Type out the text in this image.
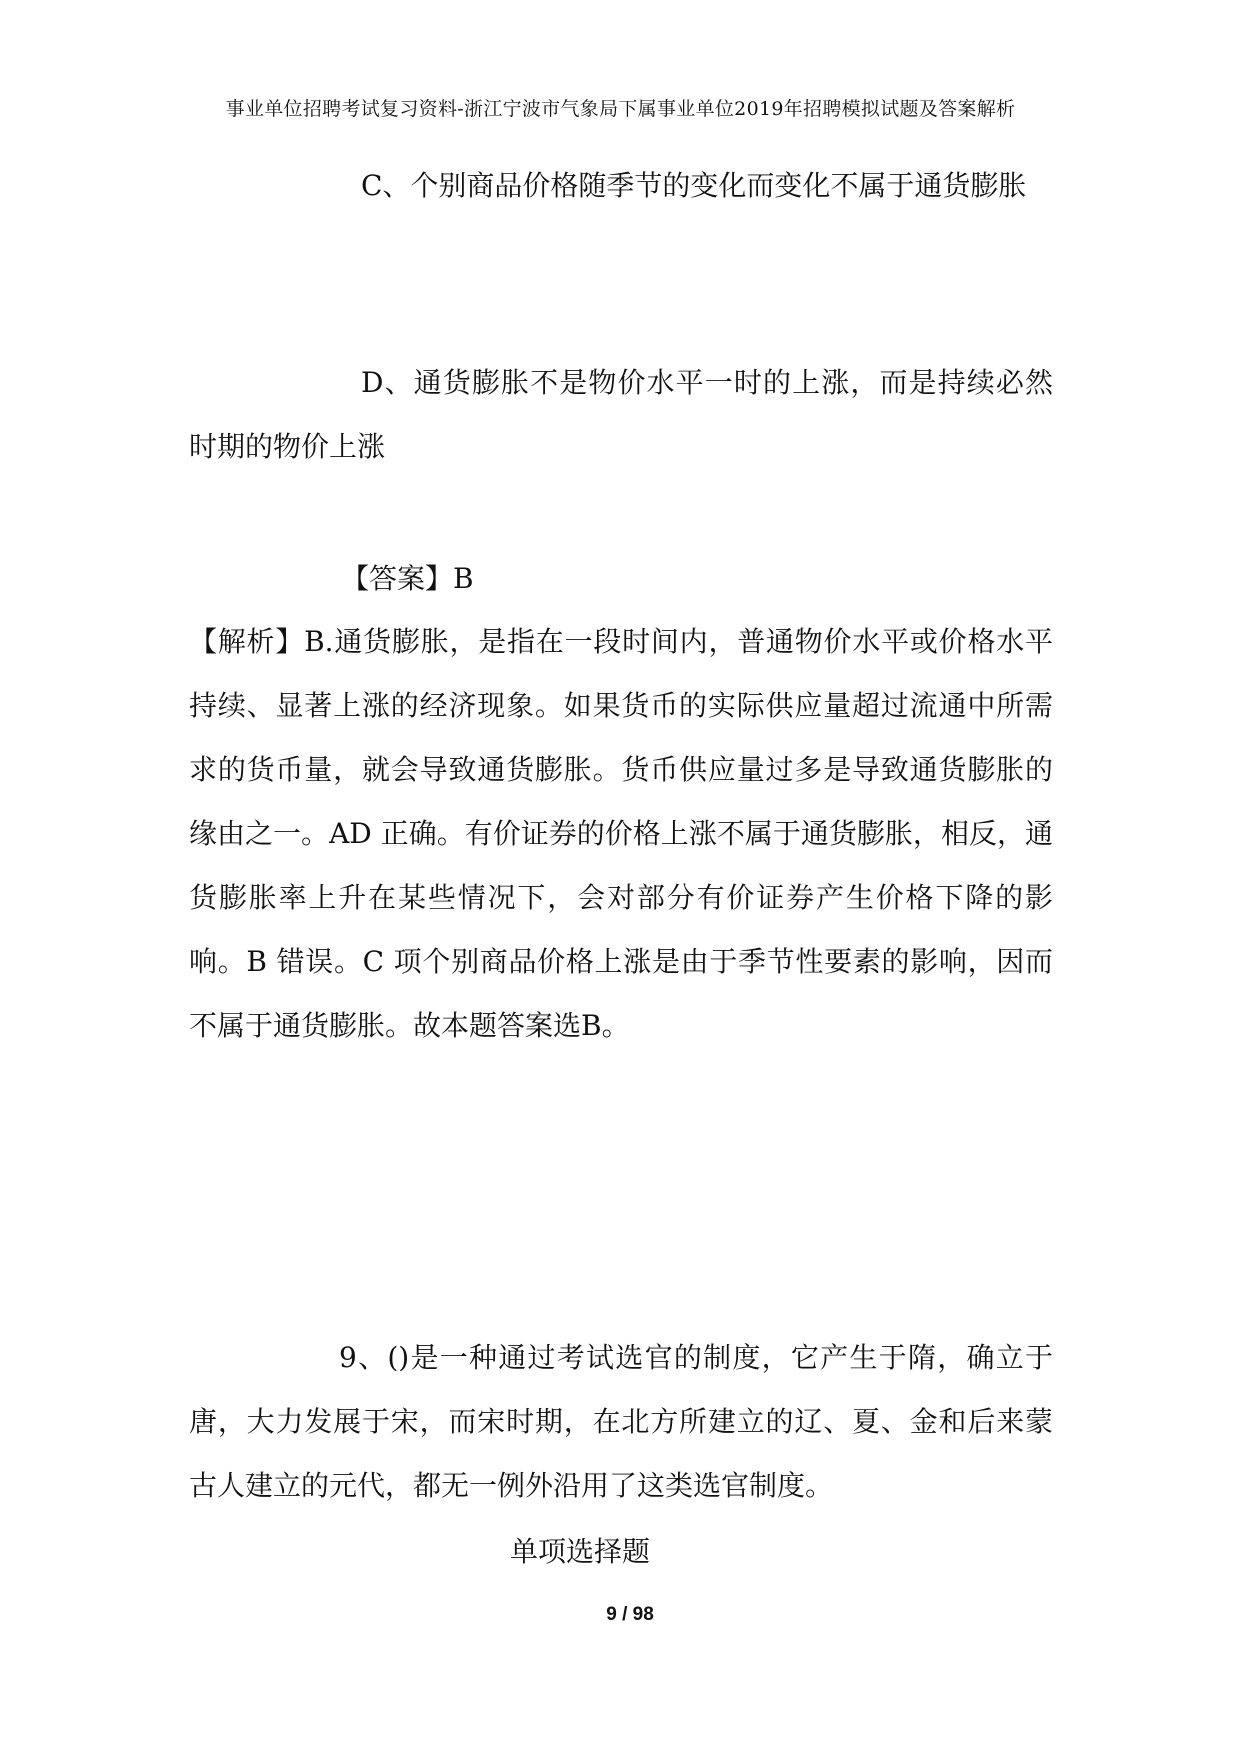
事业单位招聘考试复习资料-浙江宁波市气象局下属事业单位2019年招聘模拟试题及答案解析

C、个别商品价格随季节的变化而变化不属于通货膨胀

D、通货膨胀不是物价水平一时的上涨，而是持续必然时期的物价上涨

【答案】B

【解析】B.通货膨胀，是指在一段时间内，普通物价水平或价格水平持续、显著上涨的经济现象。如果货币的实际供应量超过流通中所需求的货币量，就会导致通货膨胀。货币供应量过多是导致通货膨胀的缘由之一。AD 正确。有价证券的价格上涨不属于通货膨胀，相反，通货膨胀率上升在某些情况下，会对部分有价证券产生价格下降的影响。B 错误。C 项个别商品价格上涨是由于季节性要素的影响，因而不属于通货膨胀。故本题答案选B。

9、()是一种通过考试选官的制度，它产生于隋，确立于唐，大力发展于宋，而宋时期，在北方所建立的辽、夏、金和后来蒙古人建立的元代，都无一例外沿用了这类选官制度。

单项选择题
9 / 98
